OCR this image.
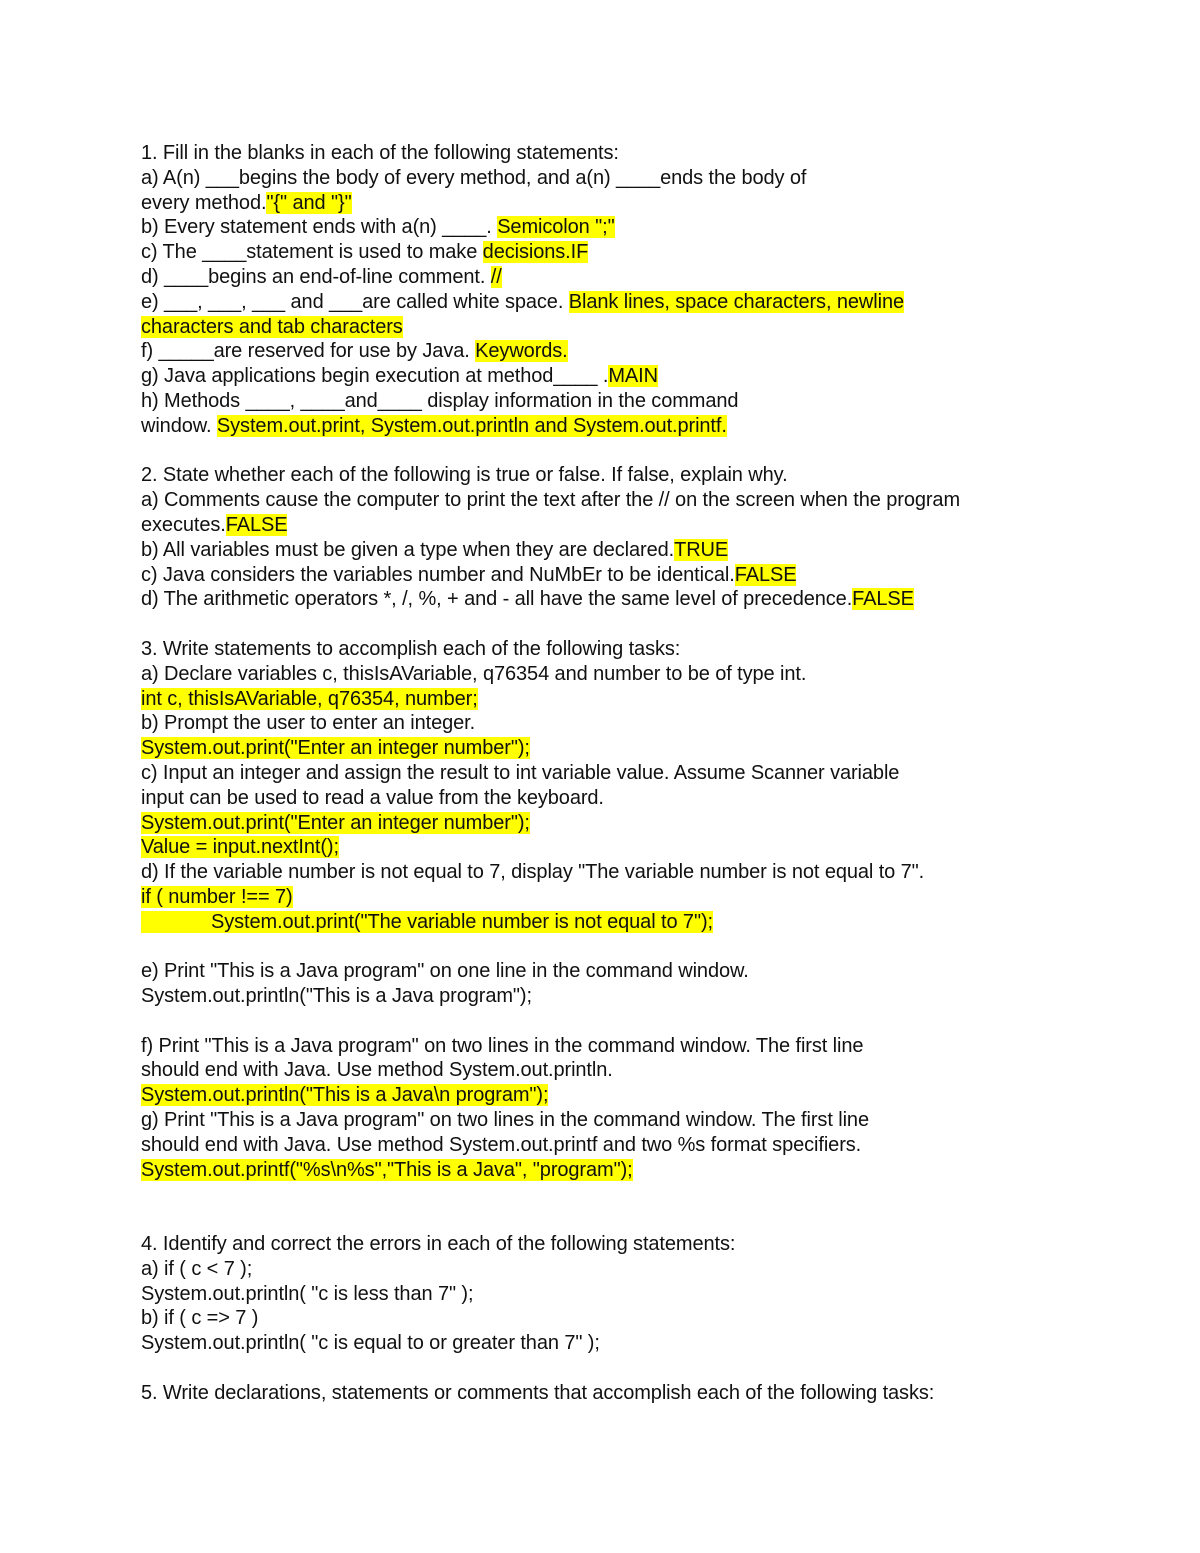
1. Fill in the blanks in each of the following statements:
a) A(n) ___begins the body of every method, and a(n) ____ends the body of
every method."{" and "}"
b) Every statement ends with a(n) ____. Semicolon ";"
c) The ____statement is used to make decisions.IF
d) ____begins an end-of-line comment. //
e) ___, ___, ___ and ___are called white space. Blank lines, space characters, newline
characters and tab characters
f) _____are reserved for use by Java. Keywords.
g) Java applications begin execution at method____ .MAIN
h) Methods ____, ____and____ display information in the command
window. System.out.print, System.out.println and System.out.printf.
2. State whether each of the following is true or false. If false, explain why.
a) Comments cause the computer to print the text after the // on the screen when the program
executes.FALSE
b) All variables must be given a type when they are declared.TRUE
c) Java considers the variables number and NuMbEr to be identical.FALSE
d) The arithmetic operators *, /, %, + and - all have the same level of precedence.FALSE
3. Write statements to accomplish each of the following tasks:
a) Declare variables c, thisIsAVariable, q76354 and number to be of type int.
int c, thisIsAVariable, q76354, number;
b) Prompt the user to enter an integer.
System.out.print("Enter an integer number");
c) Input an integer and assign the result to int variable value. Assume Scanner variable
input can be used to read a value from the keyboard.
System.out.print("Enter an integer number");
Value = input.nextInt();
d) If the variable number is not equal to 7, display "The variable number is not equal to 7".
if ( number !== 7)
System.out.print("The variable number is not equal to 7");
e) Print "This is a Java program" on one line in the command window.
System.out.println("This is a Java program");
f) Print "This is a Java program" on two lines in the command window. The first line
should end with Java. Use method System.out.println.
System.out.println("This is a Java\n program");
g) Print "This is a Java program" on two lines in the command window. The first line
should end with Java. Use method System.out.printf and two %s format specifiers.
System.out.printf("%s\n%s","This is a Java", "program");
4. Identify and correct the errors in each of the following statements:
a) if ( c < 7 );
System.out.println( "c is less than 7" );
b) if ( c => 7 )
System.out.println( "c is equal to or greater than 7" );
5. Write declarations, statements or comments that accomplish each of the following tasks:
